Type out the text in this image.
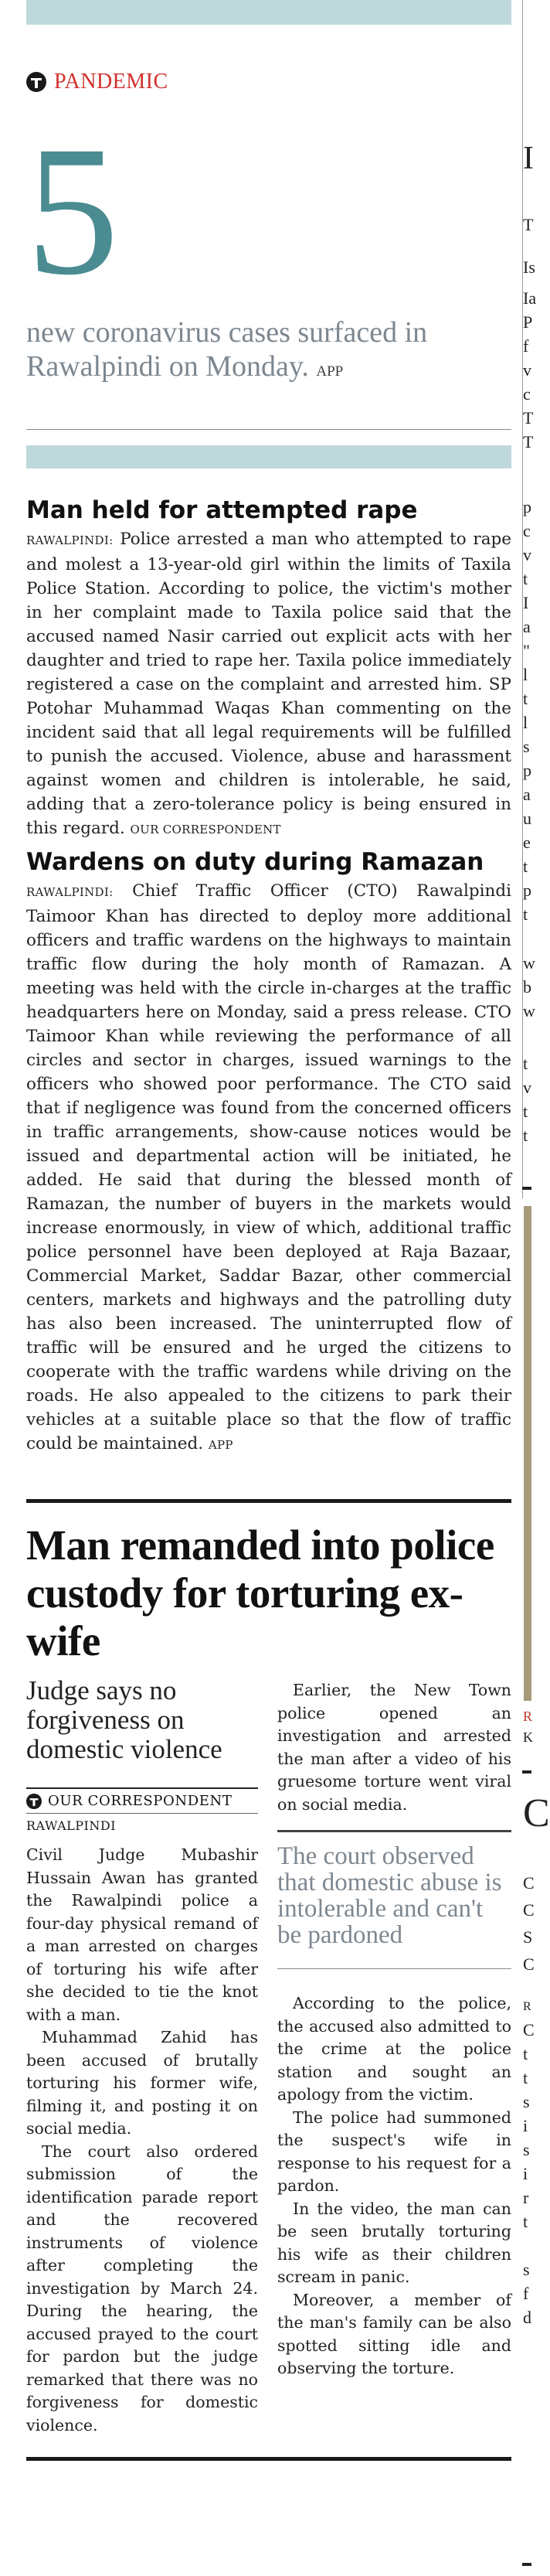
PANDEMIC
5
new coronavirus cases surfaced in Rawalpindi on Monday. APP
Man held for attempted rape

RAWALPINDI: Police arrested a man who attempted to rape and molest a 13-year-old girl within the limits of Taxila Police Station. According to police, the victim's mother in her complaint made to Taxila police said that the accused named Nasir carried out explicit acts with her daughter and tried to rape her. Taxila police immediately registered a case on the complaint and arrested him. SP Potohar Muhammad Waqas Khan commenting on the incident said that all legal requirements will be fulfilled to punish the accused. Violence, abuse and harassment against women and children is intolerable, he said, adding that a zero-tolerance policy is being ensured in this regard. OUR CORRESPONDENT

Wardens on duty during Ramazan

RAWALPINDI: Chief Traffic Officer (CTO) Rawalpindi Taimoor Khan has directed to deploy more additional officers and traffic wardens on the highways to maintain traffic flow during the holy month of Ramazan. A meeting was held with the circle in-charges at the traffic headquarters here on Monday, said a press release. CTO Taimoor Khan while reviewing the performance of all circles and sector in charges, issued warnings to the officers who showed poor performance. The CTO said that if negligence was found from the concerned officers in traffic arrangements, show-cause notices would be issued and departmental action will be initiated, he added. He said that during the blessed month of Ramazan, the number of buyers in the markets would increase enormously, in view of which, additional traffic police personnel have been deployed at Raja Bazaar, Commercial Market, Saddar Bazar, other commercial centers, markets and highways and the patrolling duty has also been increased. The uninterrupted flow of traffic will be ensured and he urged the citizens to cooperate with the traffic wardens while driving on the roads. He also appealed to the citizens to park their vehicles at a suitable place so that the flow of traffic could be maintained. APP

Man remanded into police custody for torturing ex-wife
Judge says no forgiveness on domestic violence
OUR CORRESPONDENT
RAWALPINDI

Civil Judge Mubashir Hussain Awan has granted the Rawalpindi police a four-day physical remand of a man arrested on charges of torturing his wife after she decided to tie the knot with a man.

Muhammad Zahid has been accused of brutally torturing his former wife, filming it, and posting it on social media.

The court also ordered submission of the identification parade report and the recovered instruments of violence after completing the investigation by March 24. During the hearing, the accused prayed to the court for pardon but the judge remarked that there was no forgiveness for domestic violence.

Earlier, the New Town police opened an investigation and arrested the man after a video of his gruesome torture went viral on social media.

The court observed that domestic abuse is intolerable and can't be pardoned

According to the police, the accused also admitted to the crime at the police station and sought an apology from the victim.

The police had summoned the suspect's wife in response to his request for a pardon.

In the video, the man can be seen brutally torturing his wife as their children scream in panic.

Moreover, a member of the man's family can be also spotted sitting idle and observing the torture.

I
T
Is
Ia
P
f
v
c
T
T
p
c
v
t
I
a
"
l
t
l
s
p
a
u
e
t
p
t
w
b
w
t
v
t
t
R
K
C
C
C
S
C
R
C
t
t
s
i
s
i
r
t
s
f
d
